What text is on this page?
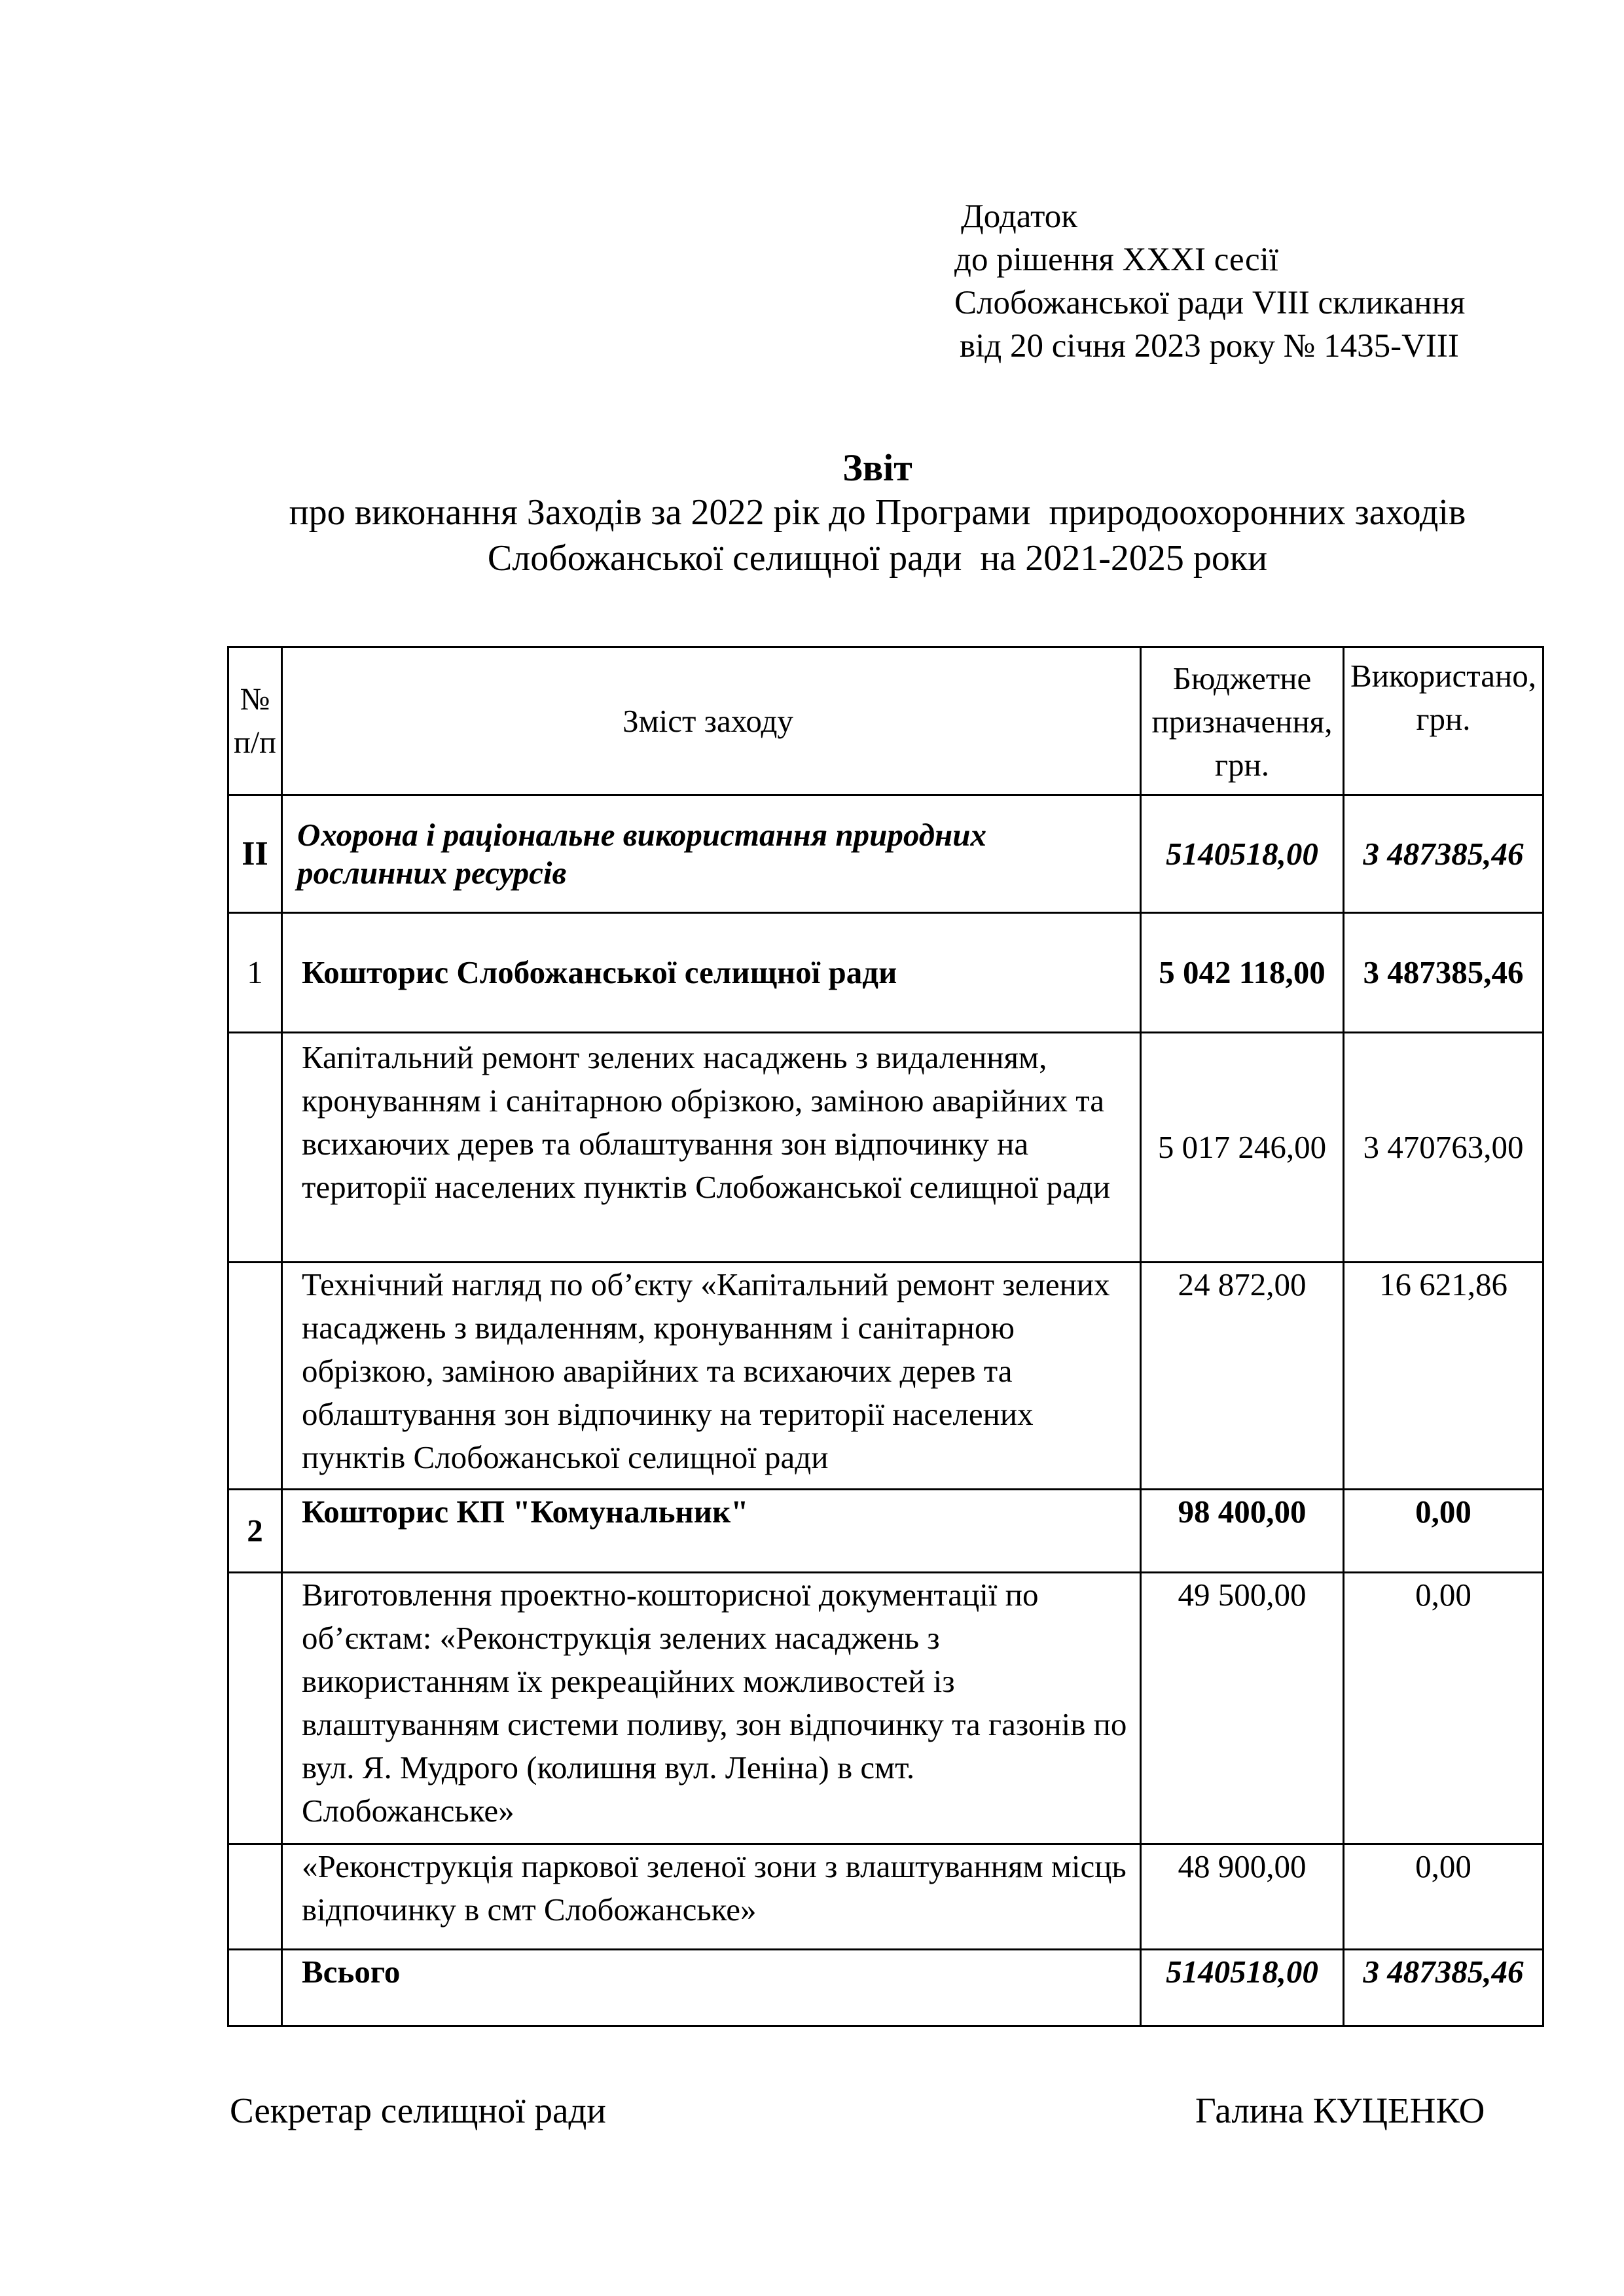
Додаток
до рішення XXXI сесії
Слобожанської ради VIII скликання
від 20 січня 2023 року № 1435-VIII
Звіт
про виконання Заходів за 2022 рік до Програми  природоохоронних заходів
Слобожанської селищної ради  на 2021-2025 роки
№ п/п	Зміст заходу	Бюджетне призначення, грн.	Використано, грн.
II	Охорона і раціональне використання природних рослинних ресурсів	5140518,00	3 487385,46
1	Кошторис Слобожанської селищної ради	5 042 118,00	3 487385,46
	Капітальний ремонт зелених насаджень з видаленням, кронуванням і санітарною обрізкою, заміною аварійних та всихаючих дерев та облаштування зон відпочинку на території населених пунктів Слобожанської селищної ради	5 017 246,00	3 470763,00
	Технічний нагляд по об’єкту «Капітальний ремонт зелених насаджень з видаленням, кронуванням і санітарною обрізкою, заміною аварійних та всихаючих дерев та облаштування зон відпочинку на території населених пунктів Слобожанської селищної ради	24 872,00	16 621,86
2	Кошторис КП "Комунальник"	98 400,00	0,00
	Виготовлення проектно-кошторисної документації по об’єктам: «Реконструкція зелених насаджень з використанням їх рекреаційних можливостей із влаштуванням системи поливу, зон відпочинку та газонів по вул. Я. Мудрого (колишня вул. Леніна) в смт. Слобожанське»	49 500,00	0,00
	«Реконструкція паркової зеленої зони з влаштуванням місць відпочинку в смт Слобожанське»	48 900,00	0,00
	Всього	5140518,00	3 487385,46
Секретар селищної ради	Галина КУЦЕНКО
